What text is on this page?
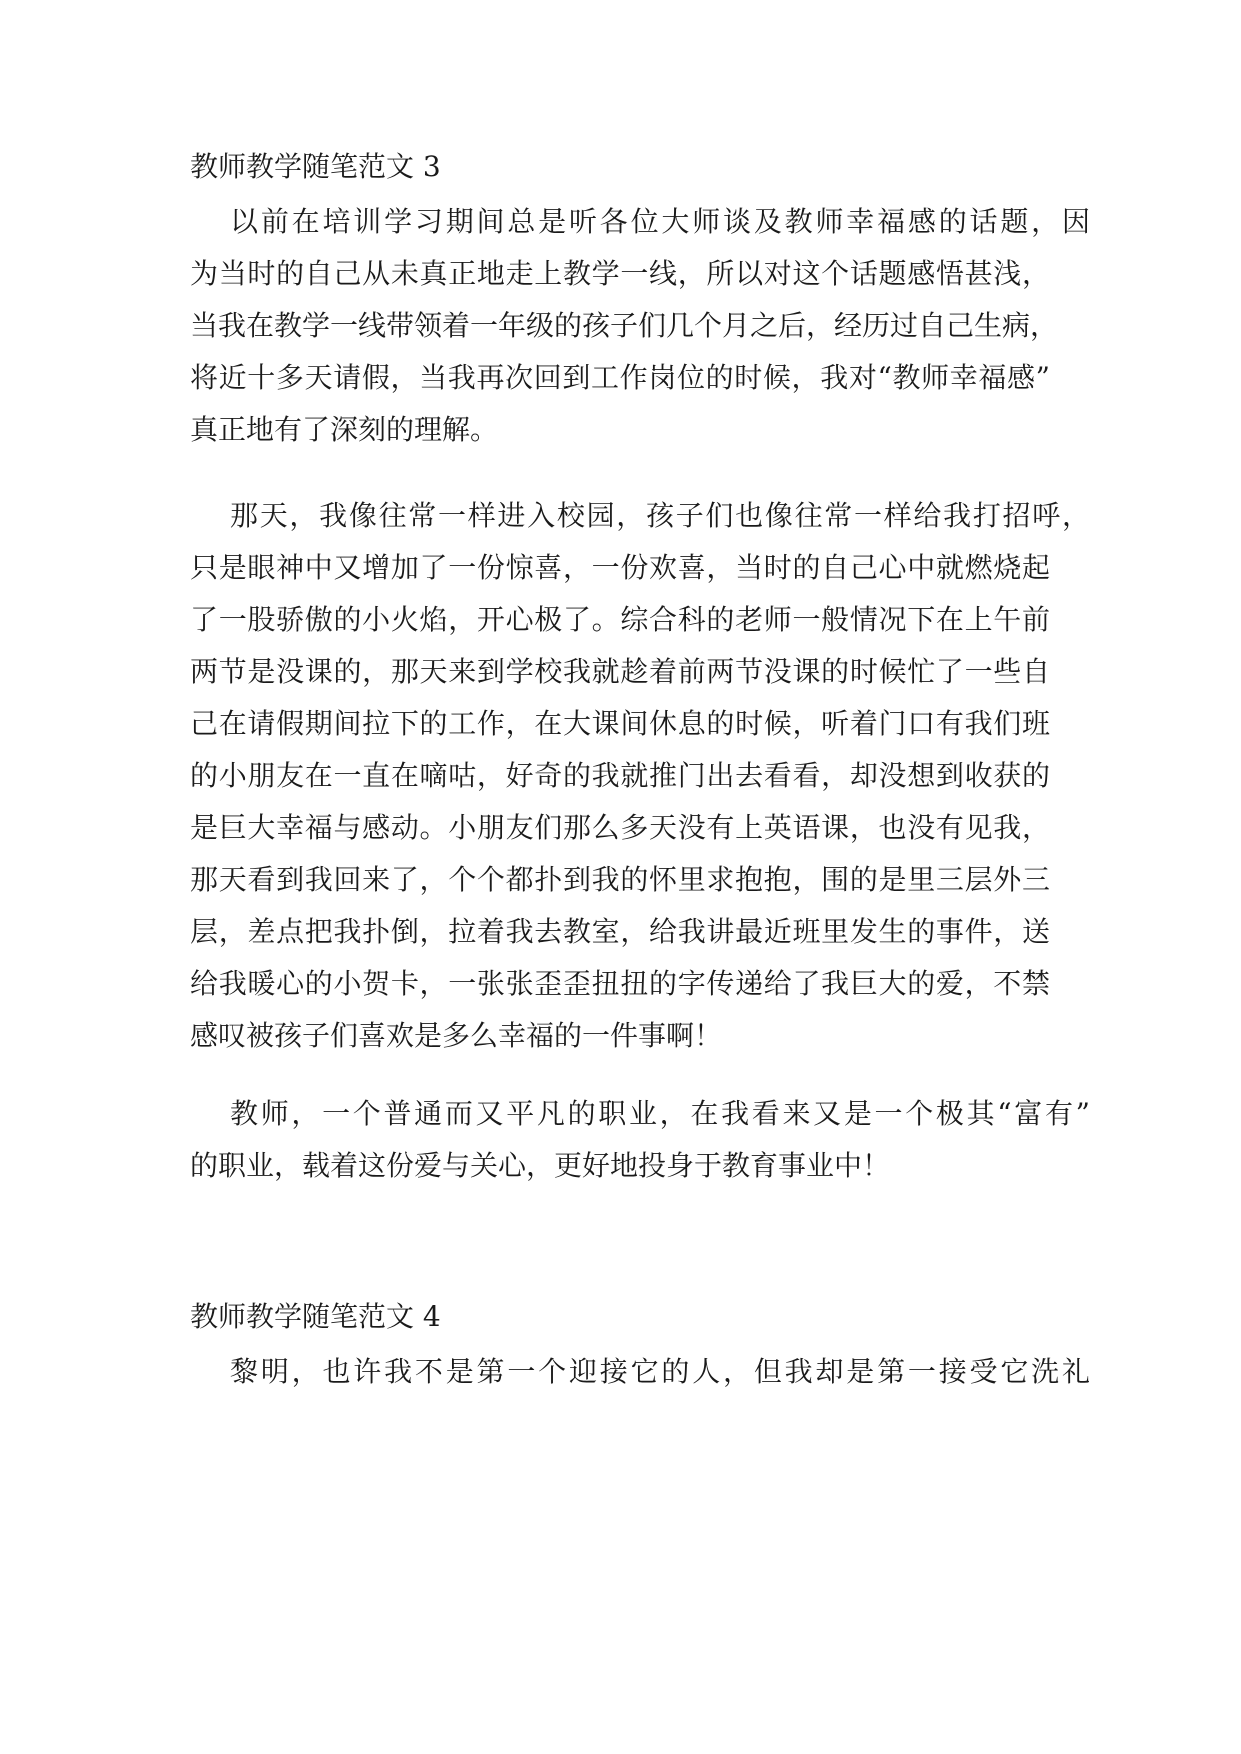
教师教学随笔范文 3
以前在培训学习期间总是听各位大师谈及教师幸福感的话题，因
为当时的自己从未真正地走上教学一线，所以对这个话题感悟甚浅，
当我在教学一线带领着一年级的孩子们几个月之后，经历过自己生病，
将近十多天请假，当我再次回到工作岗位的时候，我对“教师幸福感”
真正地有了深刻的理解。
那天，我像往常一样进入校园，孩子们也像往常一样给我打招呼，
只是眼神中又增加了一份惊喜，一份欢喜，当时的自己心中就燃烧起
了一股骄傲的小火焰，开心极了。综合科的老师一般情况下在上午前
两节是没课的，那天来到学校我就趁着前两节没课的时候忙了一些自
己在请假期间拉下的工作，在大课间休息的时候，听着门口有我们班
的小朋友在一直在嘀咕，好奇的我就推门出去看看，却没想到收获的
是巨大幸福与感动。小朋友们那么多天没有上英语课，也没有见我，
那天看到我回来了，个个都扑到我的怀里求抱抱，围的是里三层外三
层，差点把我扑倒，拉着我去教室，给我讲最近班里发生的事件，送
给我暖心的小贺卡，一张张歪歪扭扭的字传递给了我巨大的爱，不禁
感叹被孩子们喜欢是多么幸福的一件事啊！
教师，一个普通而又平凡的职业，在我看来又是一个极其“富有”
的职业，载着这份爱与关心，更好地投身于教育事业中！
教师教学随笔范文 4
黎明，也许我不是第一个迎接它的人，但我却是第一接受它洗礼
